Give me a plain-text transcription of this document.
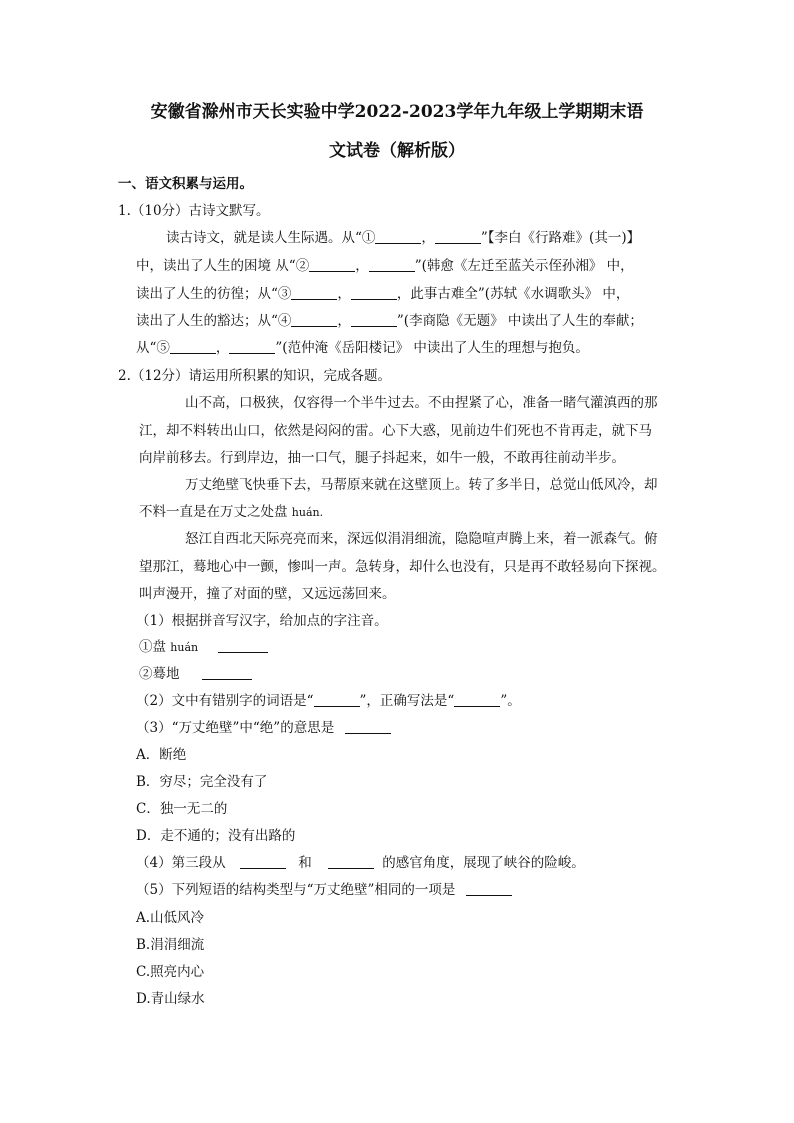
安徽省滁州市天长实验中学2022-2023学年九年级上学期期末语
文试卷（解析版）
一、语文积累与运用。
1.（10分）古诗文默写。
读古诗文，就是读人生际遇。从“①	，	”【李白《行路难》(其一)】
中，读出了人生的困境 从“②	，	”(韩愈《左迁至蓝关示侄孙湘》 中，
读出了人生的彷徨；从“③	，	，此事古难全”(苏轼《水调歌头》 中，
读出了人生的豁达；从“④	，	”(李商隐《无题》 中读出了人生的奉献；
从“⑤	，	”(范仲淹《岳阳楼记》 中读出了人生的理想与抱负。
2.（12分）请运用所积累的知识，完成各题。
山不高，口极狭，仅容得一个半牛过去。不由捏紧了心，准备一睹气灌滇西的那
江，却不料转出山口，依然是闷闷的雷。心下大惑，见前边牛们死也不肯再走，就下马
向岸前移去。行到岸边，抽一口气，腿子抖起来，如牛一般，不敢再往前动半步。
万丈绝壁飞快垂下去，马帮原来就在这壁顶上。转了多半日，总觉山低风冷，却
不料一直是在万丈之处盘 huán.
怒江自西北天际亮亮而来，深远似涓涓细流，隐隐喧声腾上来，着一派森气。俯
望那江，蓦地心中一颤，惨叫一声。急转身，却什么也没有，只是再不敢轻易向下探视。
叫声漫开，撞了对面的壁，又远远荡回来。
（1）根据拼音写汉字，给加点的字注音。
①盘 huán
②蓦地
（2）文中有错别字的词语是“	”，正确写法是“	”。
（3）“万丈绝壁”中“绝”的意思是
A．断绝
B．穷尽；完全没有了
C．独一无二的
D．走不通的；没有出路的
（4）第三段从	和	的感官角度，展现了峡谷的险峻。
（5）下列短语的结构类型与“万丈绝壁”相同的一项是
A.山低风冷
B.涓涓细流
C.照亮内心
D.青山绿水
